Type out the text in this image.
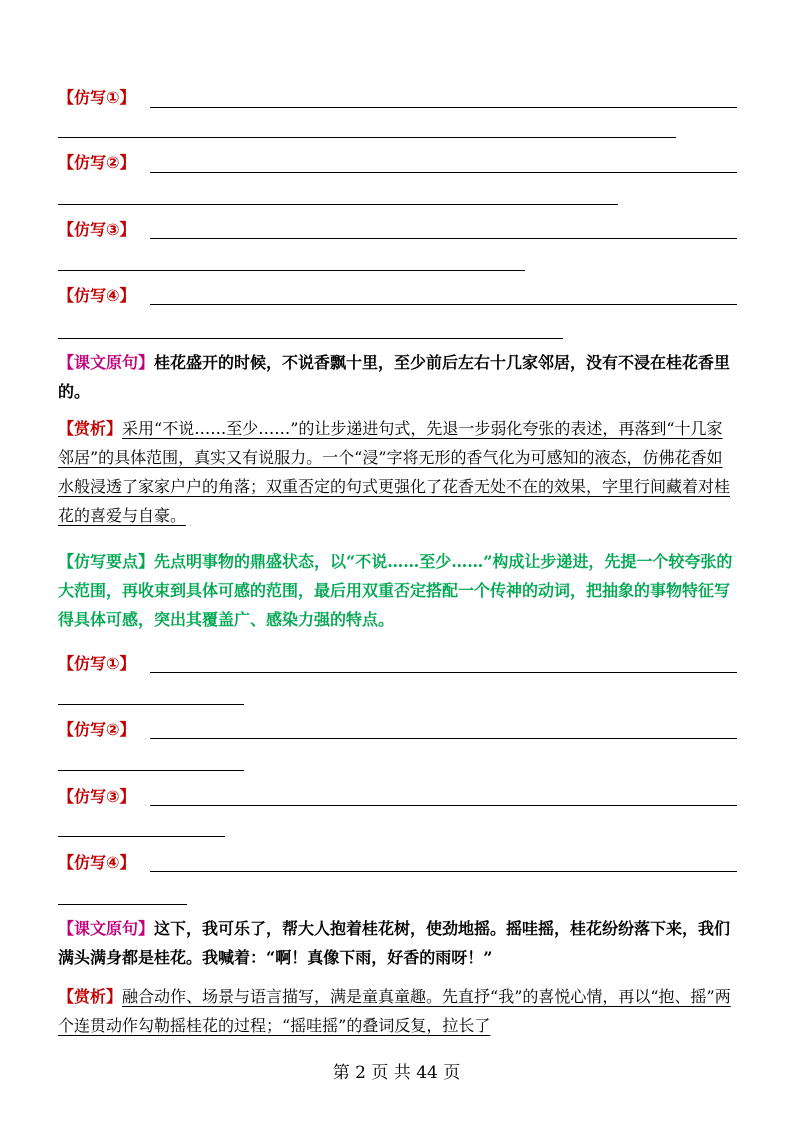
【仿写①】
【仿写②】
【仿写③】
【仿写④】
【课文原句】桂花盛开的时候，不说香飘十里，至少前后左右十几家邻居，没有不浸在桂花香里的。
【赏析】采用“不说……至少……”的让步递进句式，先退一步弱化夸张的表述，再落到“十几家邻居”的具体范围，真实又有说服力。一个“浸”字将无形的香气化为可感知的液态，仿佛花香如水般浸透了家家户户的角落；双重否定的句式更强化了花香无处不在的效果，字里行间藏着对桂花的喜爱与自豪。
【仿写要点】先点明事物的鼎盛状态，以“不说……至少……”构成让步递进，先提一个较夸张的大范围，再收束到具体可感的范围，最后用双重否定搭配一个传神的动词，把抽象的事物特征写得具体可感，突出其覆盖广、感染力强的特点。
【仿写①】
【仿写②】
【仿写③】
【仿写④】
【课文原句】这下，我可乐了，帮大人抱着桂花树，使劲地摇。摇哇摇，桂花纷纷落下来，我们满头满身都是桂花。我喊着：“啊！真像下雨，好香的雨呀！”
【赏析】融合动作、场景与语言描写，满是童真童趣。先直抒“我”的喜悦心情，再以“抱、摇”两个连贯动作勾勒摇桂花的过程；“摇哇摇”的叠词反复，拉长了
第 2 页 共 44 页
